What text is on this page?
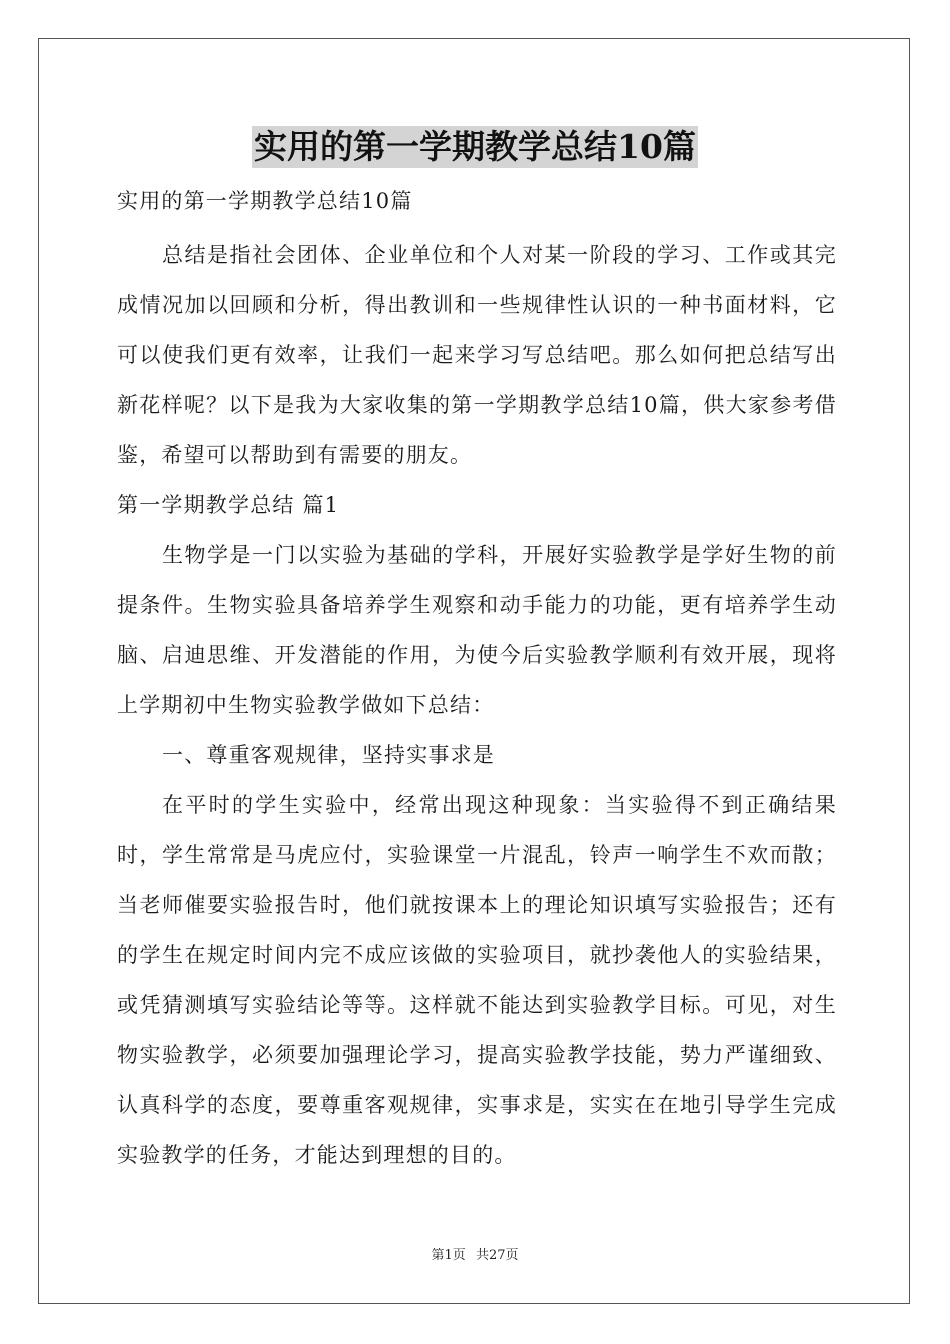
实用的第一学期教学总结10篇

实用的第一学期教学总结10篇

总结是指社会团体、企业单位和个人对某一阶段的学习、工作或其完成情况加以回顾和分析，得出教训和一些规律性认识的一种书面材料，它可以使我们更有效率，让我们一起来学习写总结吧。那么如何把总结写出新花样呢？以下是我为大家收集的第一学期教学总结10篇，供大家参考借鉴，希望可以帮助到有需要的朋友。

第一学期教学总结 篇1

生物学是一门以实验为基础的学科，开展好实验教学是学好生物的前提条件。生物实验具备培养学生观察和动手能力的功能，更有培养学生动脑、启迪思维、开发潜能的作用，为使今后实验教学顺利有效开展，现将上学期初中生物实验教学做如下总结：

一、尊重客观规律，坚持实事求是

在平时的学生实验中，经常出现这种现象：当实验得不到正确结果时，学生常常是马虎应付，实验课堂一片混乱，铃声一响学生不欢而散；当老师催要实验报告时，他们就按课本上的理论知识填写实验报告；还有的学生在规定时间内完不成应该做的实验项目，就抄袭他人的实验结果，或凭猜测填写实验结论等等。这样就不能达到实验教学目标。可见，对生物实验教学，必须要加强理论学习，提高实验教学技能，势力严谨细致、认真科学的态度，要尊重客观规律，实事求是，实实在在地引导学生完成实验教学的任务，才能达到理想的目的。

第1页 共27页
